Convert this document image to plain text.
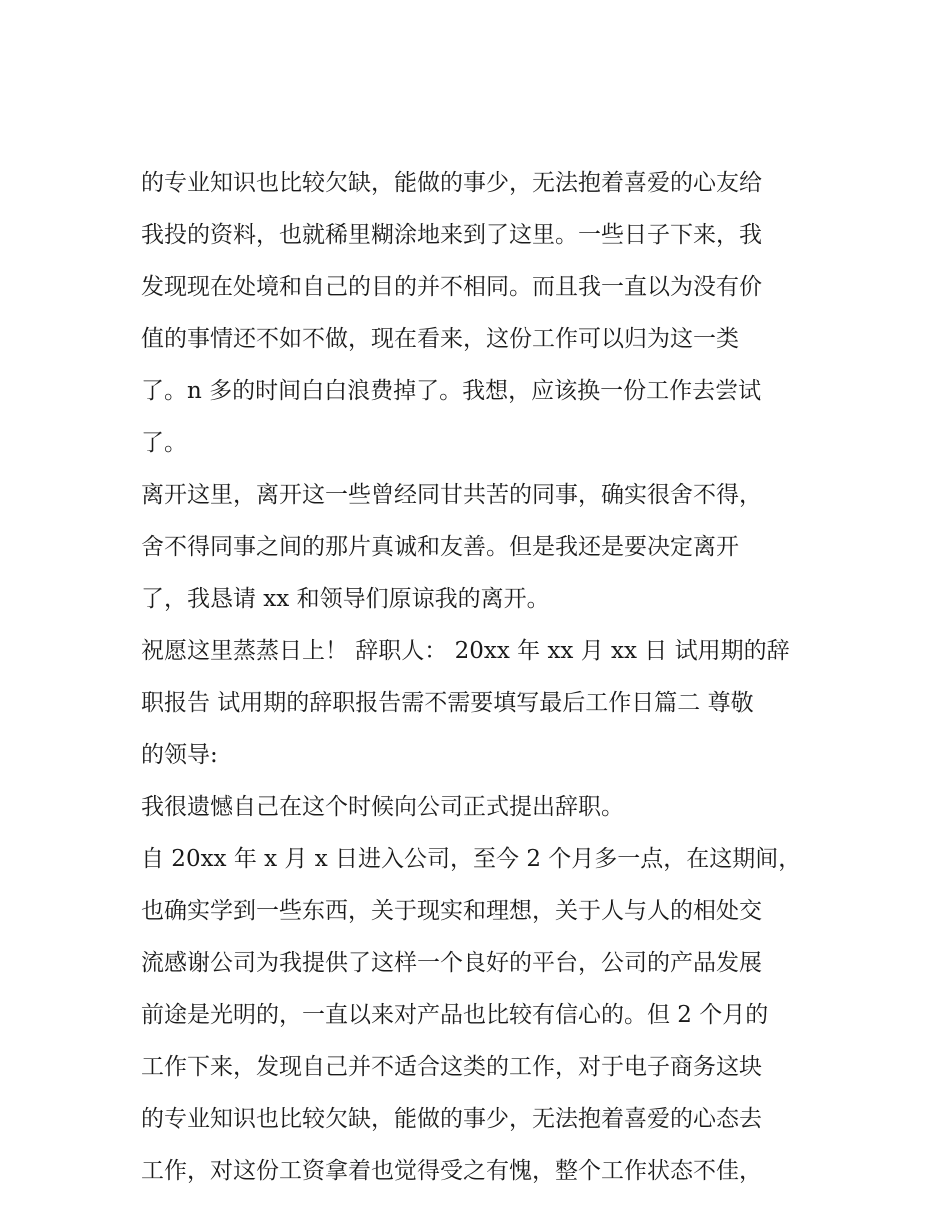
的专业知识也比较欠缺，能做的事少，无法抱着喜爱的心友给
我投的资料，也就稀里糊涂地来到了这里。一些日子下来，我
发现现在处境和自己的目的并不相同。而且我一直以为没有价
值的事情还不如不做，现在看来，这份工作可以归为这一类
了。n 多的时间白白浪费掉了。我想，应该换一份工作去尝试
了。
离开这里，离开这一些曾经同甘共苦的同事，确实很舍不得，
舍不得同事之间的那片真诚和友善。但是我还是要决定离开
了，我恳请 xx 和领导们原谅我的离开。
祝愿这里蒸蒸日上！ 辞职人： 20xx 年 xx 月 xx 日 试用期的辞
职报告 试用期的辞职报告需不需要填写最后工作日篇二 尊敬
的领导:
我很遗憾自己在这个时候向公司正式提出辞职。
自 20xx 年 x 月 x 日进入公司，至今 2 个月多一点，在这期间，
也确实学到一些东西，关于现实和理想，关于人与人的相处交
流感谢公司为我提供了这样一个良好的平台，公司的产品发展
前途是光明的，一直以来对产品也比较有信心的。但 2 个月的
工作下来，发现自己并不适合这类的工作，对于电子商务这块
的专业知识也比较欠缺，能做的事少，无法抱着喜爱的心态去
工作，对这份工资拿着也觉得受之有愧，整个工作状态不佳，
